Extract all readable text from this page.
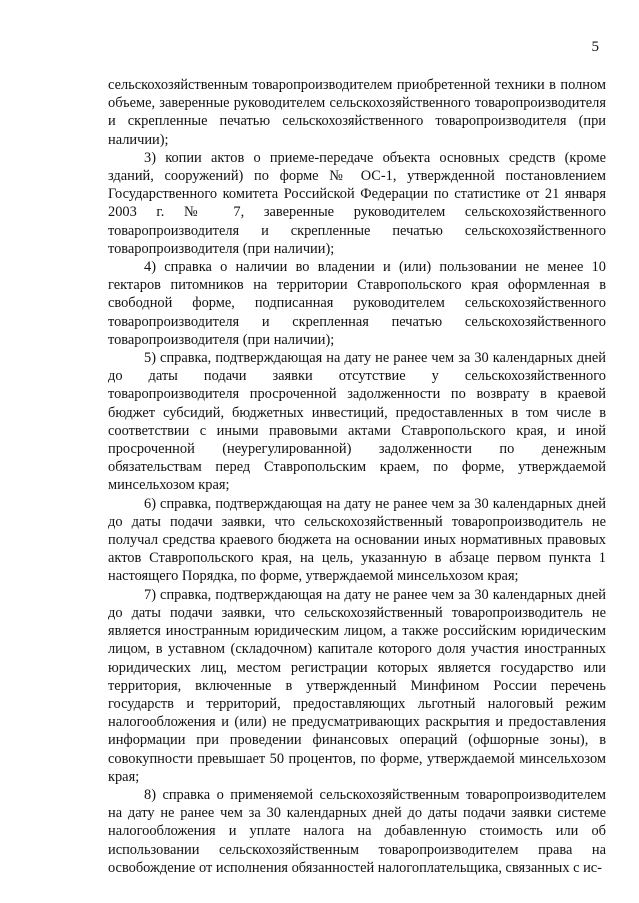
5

сельскохозяйственным товаропроизводителем приобретенной техники в полном объеме, заверенные руководителем сельскохозяйственного товаропроизводителя и скрепленные печатью сельскохозяйственного товаропроизводителя (при наличии);

3) копии актов о приеме-передаче объекта основных средств (кроме зданий, сооружений) по форме № ОС-1, утвержденной постановлением Государственного комитета Российской Федерации по статистике от 21 января 2003 г. № 7, заверенные руководителем сельскохозяйственного товаропроизводителя и скрепленные печатью сельскохозяйственного товаропроизводителя (при наличии);

4) справка о наличии во владении и (или) пользовании не менее 10 гектаров питомников на территории Ставропольского края оформленная в свободной форме, подписанная руководителем сельскохозяйственного товаропроизводителя и скрепленная печатью сельскохозяйственного товаропроизводителя (при наличии);

5) справка, подтверждающая на дату не ранее чем за 30 календарных дней до даты подачи заявки отсутствие у сельскохозяйственного товаропроизводителя просроченной задолженности по возврату в краевой бюджет субсидий, бюджетных инвестиций, предоставленных в том числе в соответствии с иными правовыми актами Ставропольского края, и иной просроченной (неурегулированной) задолженности по денежным обязательствам перед Ставропольским краем, по форме, утверждаемой минсельхозом края;

6) справка, подтверждающая на дату не ранее чем за 30 календарных дней до даты подачи заявки, что сельскохозяйственный товаропроизводитель не получал средства краевого бюджета на основании иных нормативных правовых актов Ставропольского края, на цель, указанную в абзаце первом пункта 1 настоящего Порядка, по форме, утверждаемой минсельхозом края;

7) справка, подтверждающая на дату не ранее чем за 30 календарных дней до даты подачи заявки, что сельскохозяйственный товаропроизводитель не является иностранным юридическим лицом, а также российским юридическим лицом, в уставном (складочном) капитале которого доля участия иностранных юридических лиц, местом регистрации которых является государство или территория, включенные в утвержденный Минфином России перечень государств и территорий, предоставляющих льготный налоговый режим налогообложения и (или) не предусматривающих раскрытия и предоставления информации при проведении финансовых операций (офшорные зоны), в совокупности превышает 50 процентов, по форме, утверждаемой минсельхозом края;

8) справка о применяемой сельскохозяйственным товаропроизводителем на дату не ранее чем за 30 календарных дней до даты подачи заявки системе налогообложения и уплате налога на добавленную стоимость или об использовании сельскохозяйственным товаропроизводителем права на освобождение от исполнения обязанностей налогоплательщика, связанных с ис-
